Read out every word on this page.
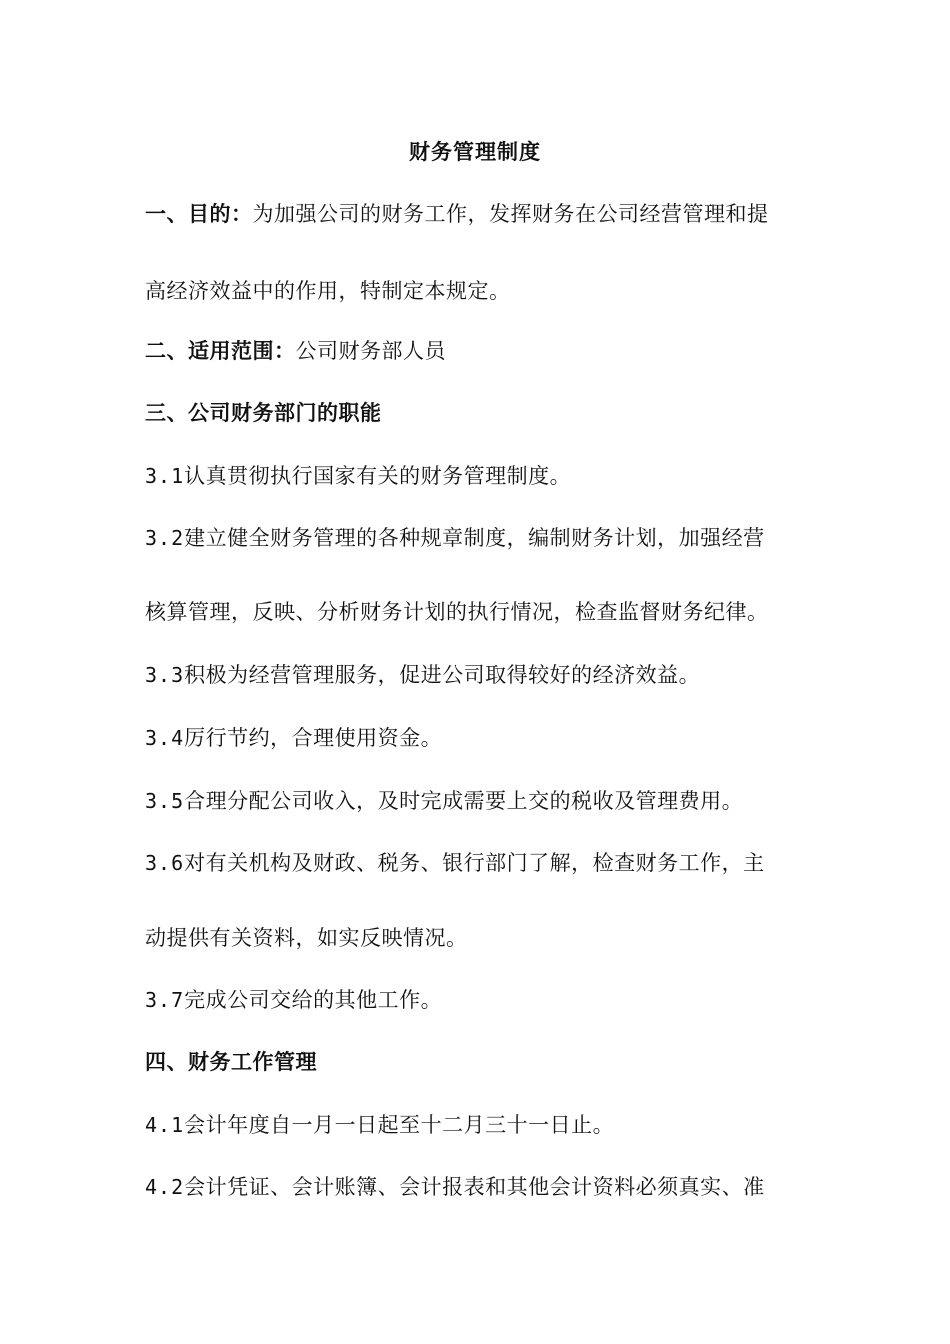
财务管理制度
一、目的：为加强公司的财务工作，发挥财务在公司经营管理和提
高经济效益中的作用，特制定本规定。
二、适用范围：公司财务部人员
三、公司财务部门的职能
3.1认真贯彻执行国家有关的财务管理制度。
3.2建立健全财务管理的各种规章制度，编制财务计划，加强经营
核算管理，反映、分析财务计划的执行情况，检查监督财务纪律。
3.3积极为经营管理服务，促进公司取得较好的经济效益。
3.4厉行节约，合理使用资金。
3.5合理分配公司收入，及时完成需要上交的税收及管理费用。
3.6对有关机构及财政、税务、银行部门了解，检查财务工作，主
动提供有关资料，如实反映情况。
3.7完成公司交给的其他工作。
四、财务工作管理
4.1会计年度自一月一日起至十二月三十一日止。
4.2会计凭证、会计账簿、会计报表和其他会计资料必须真实、准
